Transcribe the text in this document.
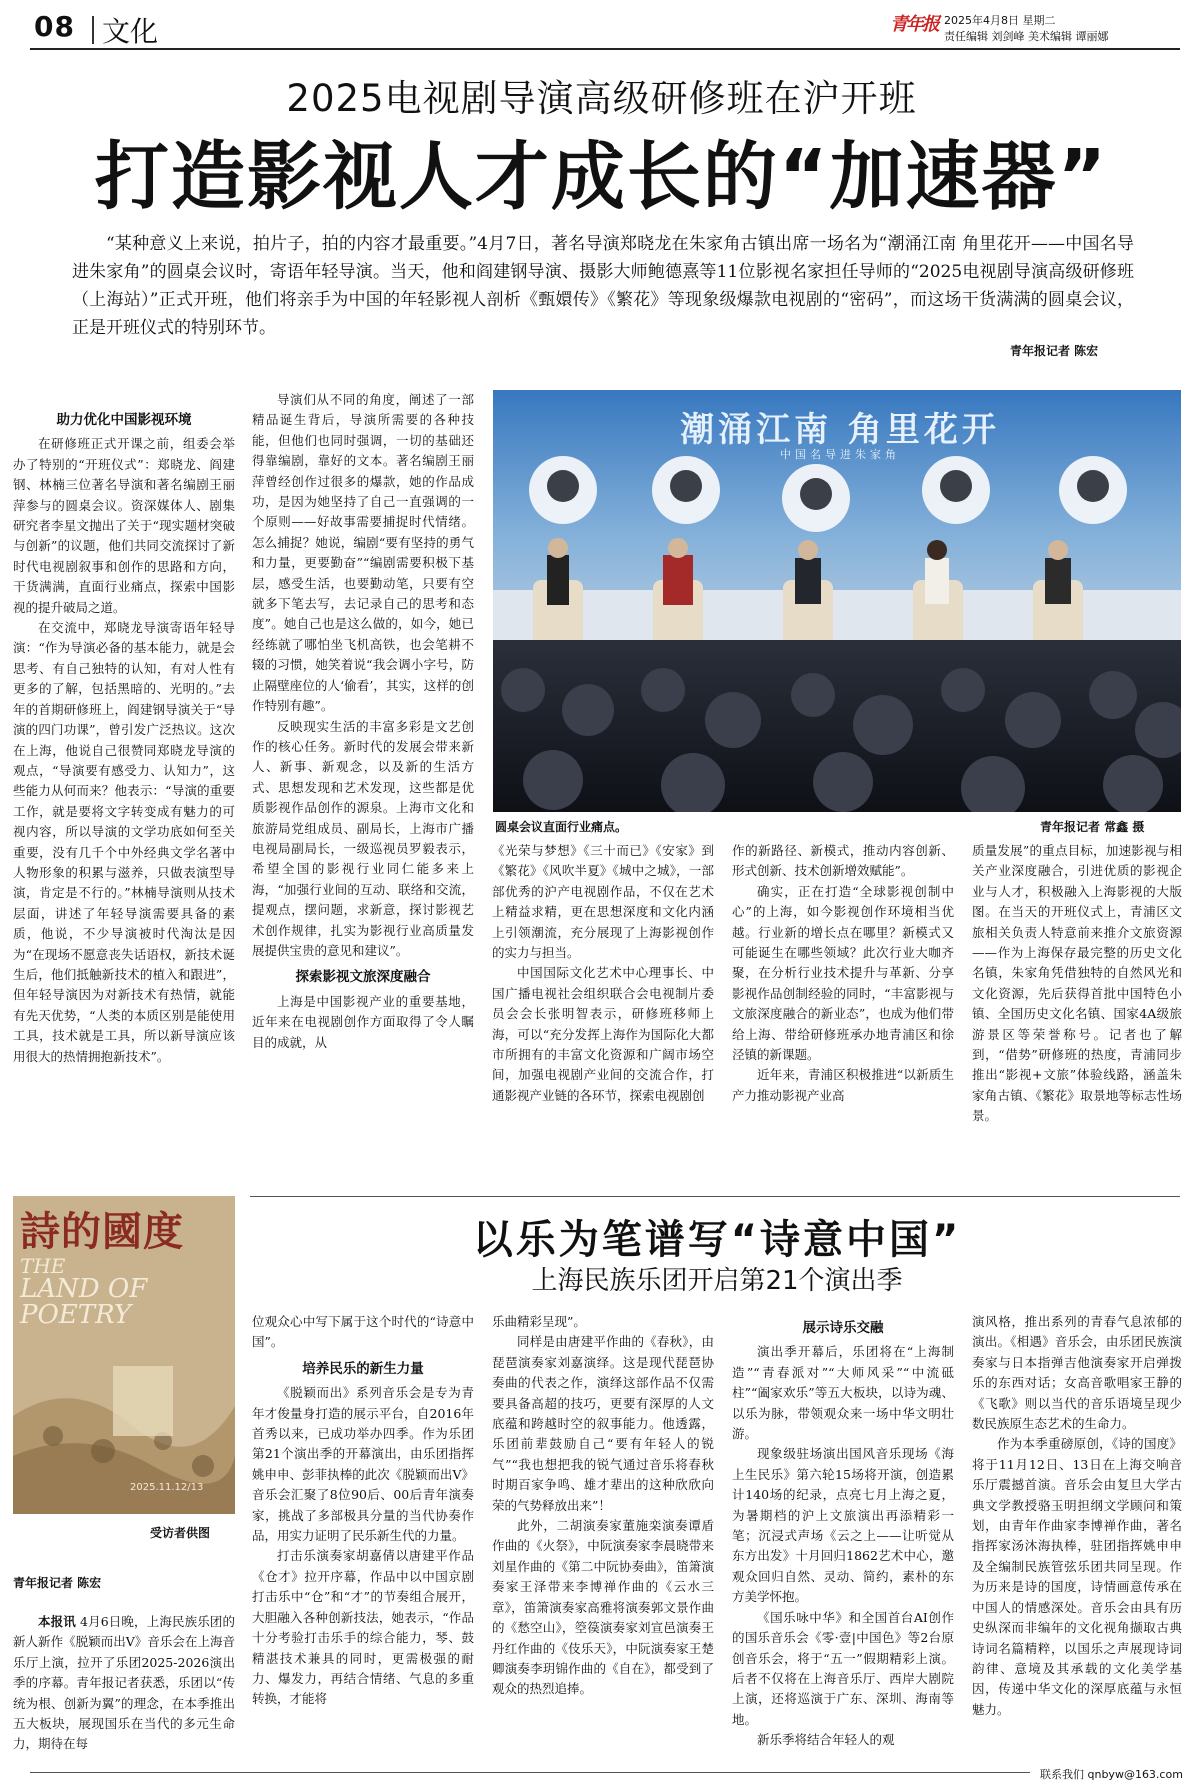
08 文化	青年报 2025年4月8日 星期二
责任编辑 刘剑峰 美术编辑 谭丽娜
2025电视剧导演高级研修班在沪开班
打造影视人才成长的“加速器”
“某种意义上来说，拍片子，拍的内容才最重要。”4月7日，著名导演郑晓龙在朱家角古镇出席一场名为“潮涌江南 角里花开——中国名导进朱家角”的圆桌会议时，寄语年轻导演。当天，他和阎建钢导演、摄影大师鲍德熹等11位影视名家担任导师的“2025电视剧导演高级研修班（上海站）”正式开班，他们将亲手为中国的年轻影视人剖析《甄嬛传》《繁花》等现象级爆款电视剧的“密码”，而这场干货满满的圆桌会议，正是开班仪式的特别环节。
青年报记者 陈宏
潮涌江南 角里花开
中国名导进朱家角
圆桌会议直面行业痛点。	青年报记者 常鑫 摄
助力优化中国影视环境

在研修班正式开课之前，组委会举办了特别的“开班仪式”：郑晓龙、阎建钢、林楠三位著名导演和著名编剧王丽萍参与的圆桌会议。资深媒体人、剧集研究者李星文抛出了关于“现实题材突破与创新”的议题，他们共同交流探讨了新时代电视剧叙事和创作的思路和方向，干货满满，直面行业痛点，探索中国影视的提升破局之道。

在交流中，郑晓龙导演寄语年轻导演：“作为导演必备的基本能力，就是会思考、有自己独特的认知，有对人性有更多的了解，包括黑暗的、光明的。”去年的首期研修班上，阎建钢导演关于“导演的四门功课”，曾引发广泛热议。这次在上海，他说自己很赞同郑晓龙导演的观点，“导演要有感受力、认知力”，这些能力从何而来？他表示：“导演的重要工作，就是要将文字转变成有魅力的可视内容，所以导演的文学功底如何至关重要，没有几千个中外经典文学名著中人物形象的积累与滋养，只做表演型导演，肯定是不行的。”林楠导演则从技术层面，讲述了年轻导演需要具备的素质，他说，不少导演被时代淘汰是因为“在现场不愿意丧失话语权，新技术诞生后，他们抵触新技术的植入和跟进”，但年轻导演因为对新技术有热情，就能有先天优势，“人类的本质区别是能使用工具，技术就是工具，所以新导演应该用很大的热情拥抱新技术”。

导演们从不同的角度，阐述了一部精品诞生背后，导演所需要的各种技能，但他们也同时强调，一切的基础还得靠编剧，靠好的文本。著名编剧王丽萍曾经创作过很多的爆款，她的作品成功，是因为她坚持了自己一直强调的一个原则——好故事需要捕捉时代情绪。怎么捕捉？她说，编剧“要有坚持的勇气和力量，更要勤奋”“编剧需要积极下基层，感受生活，也要勤动笔，只要有空就多下笔去写，去记录自己的思考和态度”。她自己也是这么做的，如今，她已经练就了哪怕坐飞机高铁，也会笔耕不辍的习惯，她笑着说“我会调小字号，防止隔壁座位的人‘偷看’，其实，这样的创作特别有趣”。

反映现实生活的丰富多彩是文艺创作的核心任务。新时代的发展会带来新人、新事、新观念，以及新的生活方式、思想发现和艺术发现，这些都是优质影视作品创作的源泉。上海市文化和旅游局党组成员、副局长，上海市广播电视局副局长，一级巡视员罗毅表示，希望全国的影视行业同仁能多来上海，“加强行业间的互动、联络和交流，提观点，摆问题，求新意，探讨影视艺术创作规律，扎实为影视行业高质量发展提供宝贵的意见和建议”。

探索影视文旅深度融合

上海是中国影视产业的重要基地，近年来在电视剧创作方面取得了令人瞩目的成就，从

《光荣与梦想》《三十而已》《安家》到《繁花》《风吹半夏》《城中之城》，一部部优秀的沪产电视剧作品，不仅在艺术上精益求精，更在思想深度和文化内涵上引领潮流，充分展现了上海影视创作的实力与担当。

中国国际文化艺术中心理事长、中国广播电视社会组织联合会电视制片委员会会长张明智表示，研修班移师上海，可以“充分发挥上海作为国际化大都市所拥有的丰富文化资源和广阔市场空间，加强电视剧产业间的交流合作，打通影视产业链的各环节，探索电视剧创

作的新路径、新模式，推动内容创新、形式创新、技术创新增效赋能”。

确实，正在打造“全球影视创制中心”的上海，如今影视创作环境相当优越。行业新的增长点在哪里？新模式又可能诞生在哪些领域？此次行业大咖齐聚，在分析行业技术提升与革新、分享影视作品创制经验的同时，“丰富影视与文旅深度融合的新业态”，也成为他们带给上海、带给研修班承办地青浦区和徐泾镇的新课题。

近年来，青浦区积极推进“以新质生产力推动影视产业高

质量发展”的重点目标，加速影视与相关产业深度融合，引进优质的影视企业与人才，积极融入上海影视的大版图。在当天的开班仪式上，青浦区文旅相关负责人特意前来推介文旅资源——作为上海保存最完整的历史文化名镇，朱家角凭借独特的自然风光和文化资源，先后获得首批中国特色小镇、全国历史文化名镇、国家4A级旅游景区等荣誉称号。记者也了解到，“借势”研修班的热度，青浦同步推出“影视+文旅”体验线路，涵盖朱家角古镇、《繁花》取景地等标志性场景。
詩的國度
THE
LAND OF
POETRY
2025.11.12/13
受访者供图
青年报记者 陈宏
以乐为笔谱写“诗意中国”
上海民族乐团开启第21个演出季

本报讯 4月6日晚，上海民族乐团的新人新作《脱颖而出V》音乐会在上海音乐厅上演，拉开了乐团2025-2026演出季的序幕。青年报记者获悉，乐团以“传统为根、创新为翼”的理念，在本季推出五大板块，展现国乐在当代的多元生命力，期待在每

位观众心中写下属于这个时代的“诗意中国”。
培养民乐的新生力量

《脱颖而出》系列音乐会是专为青年才俊量身打造的展示平台，自2016年首秀以来，已成功举办四季。作为乐团第21个演出季的开幕演出，由乐团指挥姚申申、彭菲执棒的此次《脱颖而出V》音乐会汇聚了8位90后、00后青年演奏家，挑战了多部极具分量的当代协奏作品，用实力证明了民乐新生代的力量。

打击乐演奏家胡嘉倩以唐建平作品《仓才》拉开序幕，作品中以中国京剧打击乐中“仓”和“才”的节奏组合展开，大胆融入各种创新技法，她表示，“作品十分考验打击乐手的综合能力，琴、鼓精湛技术兼具的同时，更需极强的耐力、爆发力，再结合情绪、气息的多重转换，才能将

乐曲精彩呈现”。

同样是由唐建平作曲的《春秋》，由琵琶演奏家刘嘉演绎。这是现代琵琶协奏曲的代表之作，演绎这部作品不仅需要具备高超的技巧，更要有深厚的人文底蕴和跨越时空的叙事能力。他透露，乐团前辈鼓励自己“要有年轻人的锐气”“我也想把我的锐气通过音乐将春秋时期百家争鸣、雄才辈出的这种欣欣向荣的气势释放出来”！

此外，二胡演奏家董施栾演奏谭盾作曲的《火祭》，中阮演奏家李晨晓带来刘星作曲的《第二中阮协奏曲》，笛箫演奏家王泽带来李博禅作曲的《云水三章》，笛箫演奏家高雅将演奏郭文景作曲的《愁空山》，箜篌演奏家刘宣邑演奏王丹红作曲的《伎乐天》，中阮演奏家王楚卿演奏李玥锦作曲的《自在》，都受到了观众的热烈追捧。

展示诗乐交融

演出季开幕后，乐团将在“上海制造”“青春派对”“大师风采”“中流砥柱”“阖家欢乐”等五大板块，以诗为魂、以乐为脉，带领观众来一场中华文明壮游。

现象级驻场演出国风音乐现场《海上生民乐》第六轮15场将开演，创造累计140场的纪录，点亮七月上海之夏，为暑期档的沪上文旅演出再添精彩一笔；沉浸式声场《云之上——让听觉从东方出发》十月回归1862艺术中心，邀观众回归自然、灵动、简约，素朴的东方美学怀抱。

《国乐咏中华》和全国首台AI创作的国乐音乐会《零·壹|中国色》等2台原创音乐会，将于“五一”假期精彩上演。后者不仅将在上海音乐厅、西岸大剧院上演，还将巡演于广东、深圳、海南等地。

新乐季将结合年轻人的观

演风格，推出系列的青春气息浓郁的演出。《相遇》音乐会，由乐团民族演奏家与日本指弹吉他演奏家开启弹拨乐的东西对话；女高音歌唱家王静的《飞歌》则以当代的音乐语境呈现少数民族原生态艺术的生命力。

作为本季重磅原创，《诗的国度》将于11月12日、13日在上海交响音乐厅震撼首演。音乐会由复旦大学古典文学教授骆玉明担纲文学顾问和策划，由青年作曲家李博禅作曲，著名指挥家汤沐海执棒，驻团指挥姚申申及全编制民族管弦乐团共同呈现。作为历来是诗的国度，诗情画意传承在中国人的情感深处。音乐会由具有历史纵深而非编年的文化视角撷取古典诗词名篇精粹，以国乐之声展现诗词韵律、意境及其承载的文化美学基因，传递中华文化的深厚底蕴与永恒魅力。

联系我们 qnbyw@163.com
